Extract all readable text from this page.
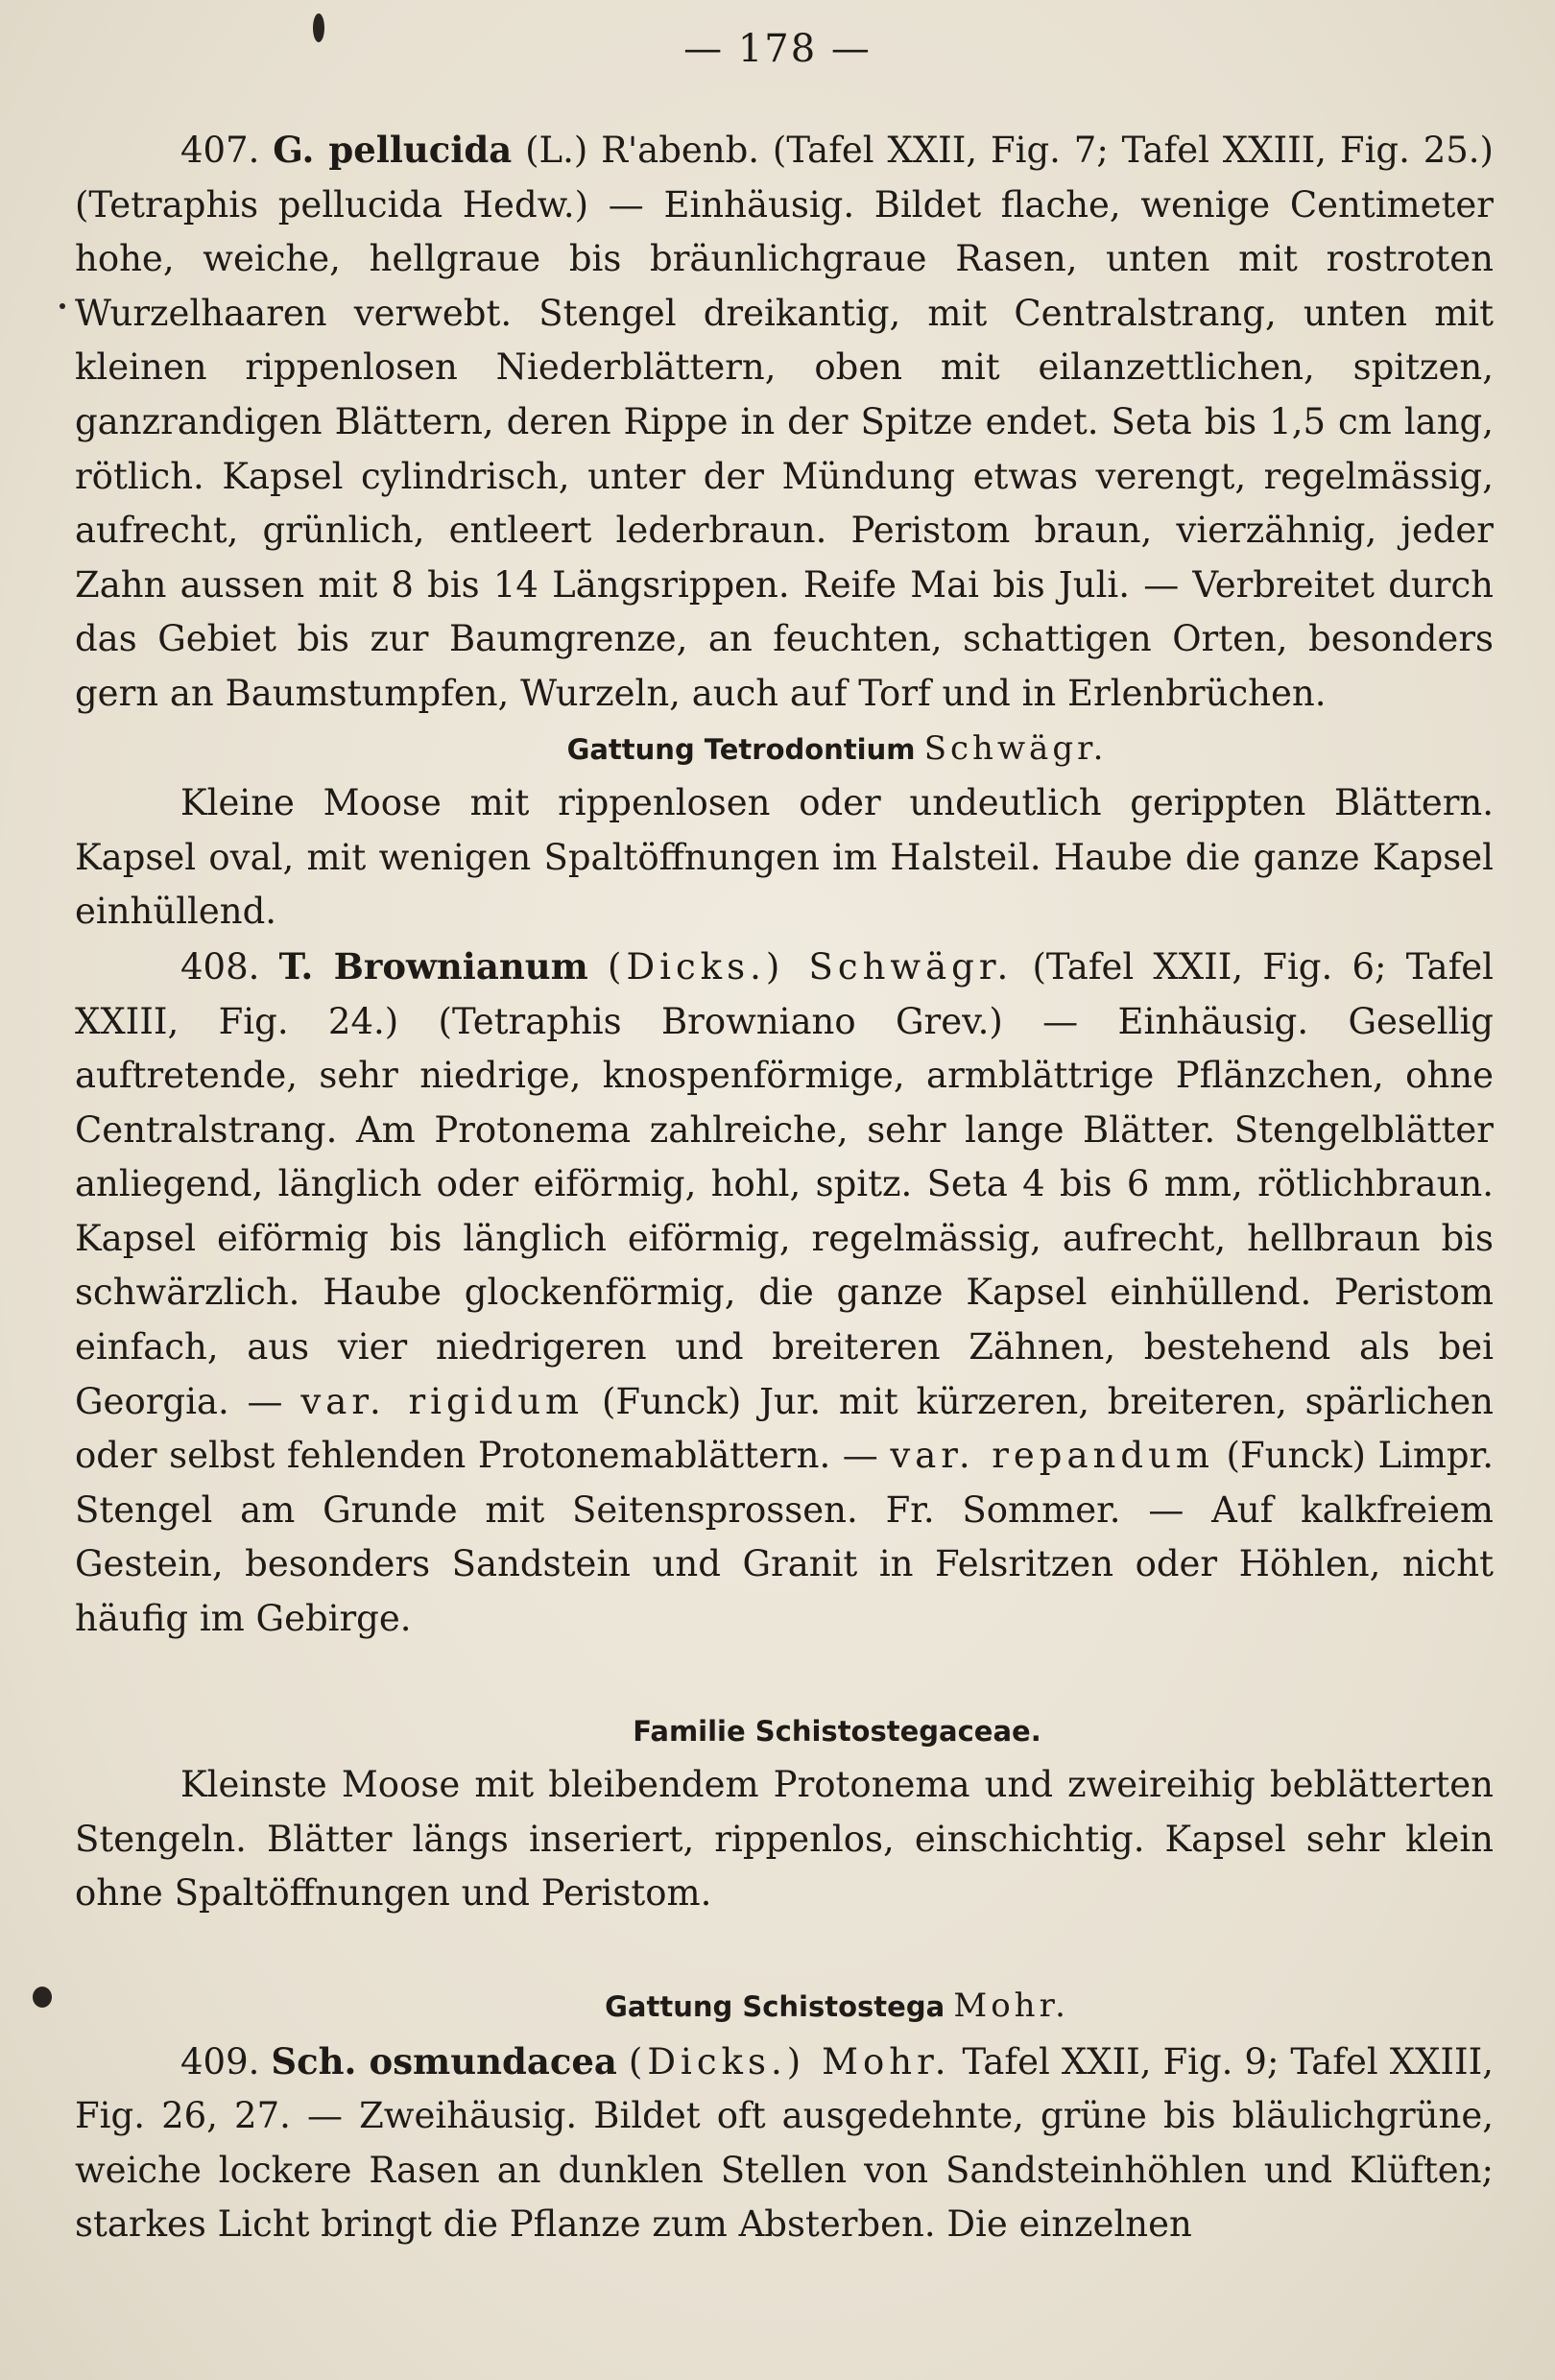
— 178 —

407. G. pellucida (L.) R'abenb. (Tafel XXII, Fig. 7; Tafel XXIII, Fig. 25.) (Tetraphis pellucida Hedw.) — Einhäusig. Bildet flache, wenige Centimeter hohe, weiche, hellgraue bis bräunlichgraue Rasen, unten mit rostroten Wurzelhaaren verwebt. Stengel dreikantig, mit Centralstrang, unten mit kleinen rippenlosen Niederblättern, oben mit eilanzettlichen, spitzen, ganzrandigen Blättern, deren Rippe in der Spitze endet. Seta bis 1,5 cm lang, rötlich. Kapsel cylindrisch, unter der Mündung etwas verengt, regelmässig, aufrecht, grünlich, entleert lederbraun. Peristom braun, vierzähnig, jeder Zahn aussen mit 8 bis 14 Längsrippen. Reife Mai bis Juli. — Verbreitet durch das Gebiet bis zur Baumgrenze, an feuchten, schattigen Orten, besonders gern an Baumstumpfen, Wurzeln, auch auf Torf und in Erlenbrüchen.

Gattung Tetrodontium Schwägr.

Kleine Moose mit rippenlosen oder undeutlich gerippten Blättern. Kapsel oval, mit wenigen Spaltöffnungen im Halsteil. Haube die ganze Kapsel einhüllend.

408. T. Brownianum (Dicks.) Schwägr. (Tafel XXII, Fig. 6; Tafel XXIII, Fig. 24.) (Tetraphis Browniano Grev.) — Einhäusig. Gesellig auftretende, sehr niedrige, knospenförmige, armblättrige Pflänzchen, ohne Centralstrang. Am Protonema zahlreiche, sehr lange Blätter. Stengelblätter anliegend, länglich oder eiförmig, hohl, spitz. Seta 4 bis 6 mm, rötlichbraun. Kapsel eiförmig bis länglich eiförmig, regelmässig, aufrecht, hellbraun bis schwärzlich. Haube glockenförmig, die ganze Kapsel einhüllend. Peristom einfach, aus vier niedrigeren und breiteren Zähnen, bestehend als bei Georgia. — var. rigidum (Funck) Jur. mit kürzeren, breiteren, spärlichen oder selbst fehlenden Protonemablättern. — var. repandum (Funck) Limpr. Stengel am Grunde mit Seitensprossen. Fr. Sommer. — Auf kalkfreiem Gestein, besonders Sandstein und Granit in Felsritzen oder Höhlen, nicht häufig im Gebirge.

Familie Schistostegaceae.

Kleinste Moose mit bleibendem Protonema und zweireihig beblätterten Stengeln. Blätter längs inseriert, rippenlos, einschichtig. Kapsel sehr klein ohne Spaltöffnungen und Peristom.

Gattung Schistostega Mohr.

409. Sch. osmundacea (Dicks.) Mohr. Tafel XXII, Fig. 9; Tafel XXIII, Fig. 26, 27. — Zweihäusig. Bildet oft ausgedehnte, grüne bis bläulichgrüne, weiche lockere Rasen an dunklen Stellen von Sandsteinhöhlen und Klüften; starkes Licht bringt die Pflanze zum Absterben. Die einzelnen
